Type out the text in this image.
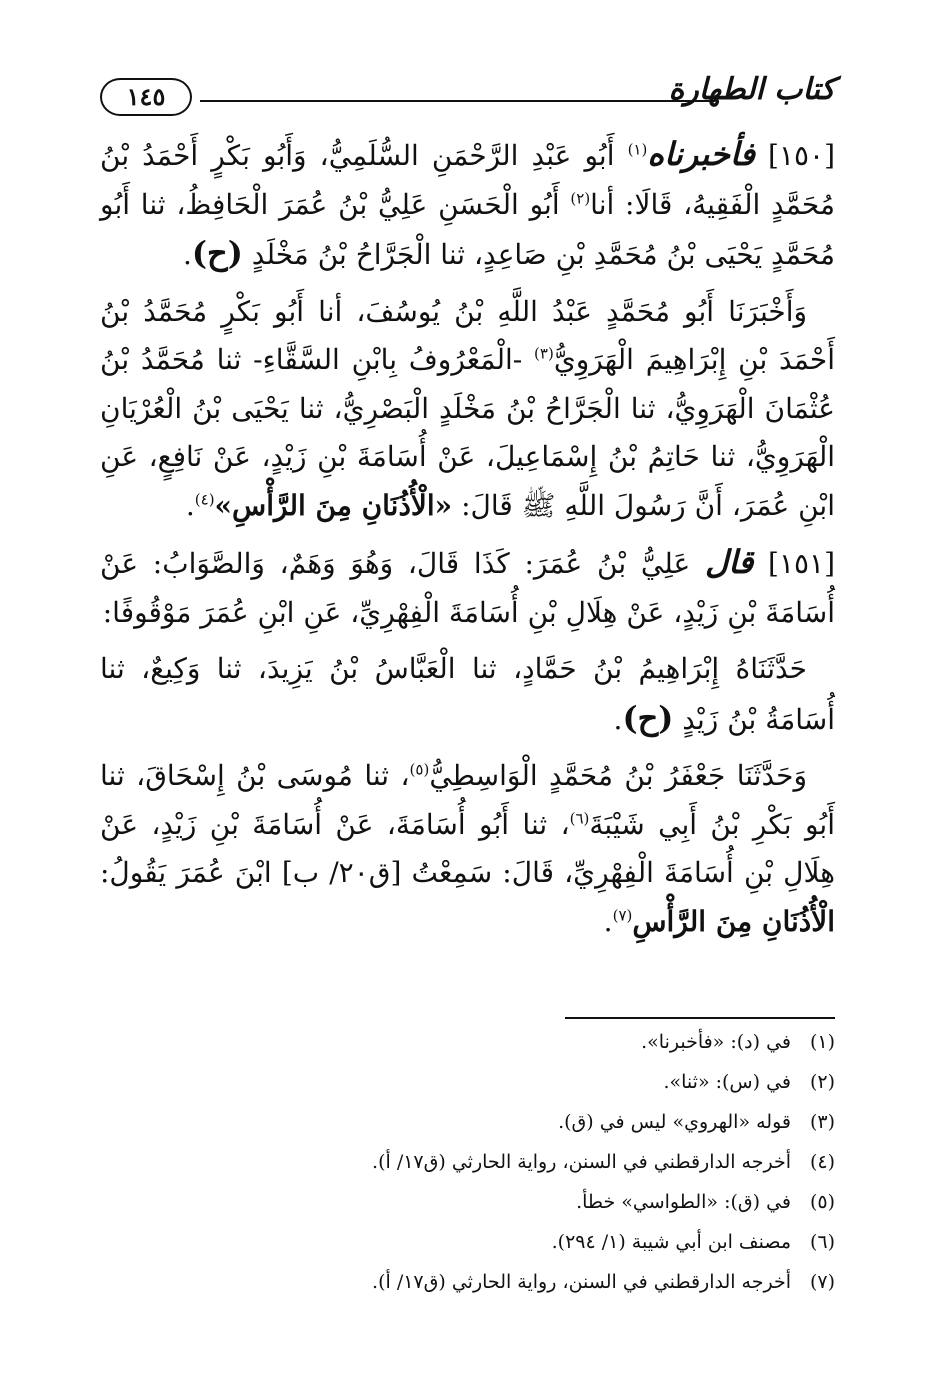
كتاب الطهارة
١٤٥

[١٥٠] فأخبرناه$^{(١)}$ أَبُو عَبْدِ الرَّحْمَنِ السُّلَمِيُّ، وَأَبُو بَكْرٍ أَحْمَدُ بْنُ مُحَمَّدٍ الْفَقِيهُ، قَالَا: أنا$^{(٢)}$ أَبُو الْحَسَنِ عَلِيُّ بْنُ عُمَرَ الْحَافِظُ، ثنا أَبُو مُحَمَّدٍ يَحْيَى بْنُ مُحَمَّدِ بْنِ صَاعِدٍ، ثنا الْجَرَّاحُ بْنُ مَخْلَدٍ (ح).

وَأَخْبَرَنَا أَبُو مُحَمَّدٍ عَبْدُ اللَّهِ بْنُ يُوسُفَ، أنا أَبُو بَكْرٍ مُحَمَّدُ بْنُ أَحْمَدَ بْنِ إِبْرَاهِيمَ الْهَرَوِيُّ$^{(٣)}$ -الْمَعْرُوفُ بِابْنِ السَّقَّاءِ- ثنا مُحَمَّدُ بْنُ عُثْمَانَ الْهَرَوِيُّ، ثنا الْجَرَّاحُ بْنُ مَخْلَدٍ الْبَصْرِيُّ، ثنا يَحْيَى بْنُ الْعُرْيَانِ الْهَرَوِيُّ، ثنا حَاتِمُ بْنُ إِسْمَاعِيلَ، عَنْ أُسَامَةَ بْنِ زَيْدٍ، عَنْ نَافِعٍ، عَنِ ابْنِ عُمَرَ، أَنَّ رَسُولَ اللَّهِ ﷺ قَالَ: «الْأُذُنَانِ مِنَ الرَّأْسِ»$^{(٤)}$.

[١٥١] قال عَلِيُّ بْنُ عُمَرَ: كَذَا قَالَ، وَهُوَ وَهَمٌ، وَالصَّوَابُ: عَنْ أُسَامَةَ بْنِ زَيْدٍ، عَنْ هِلَالِ بْنِ أُسَامَةَ الْفِهْرِيِّ، عَنِ ابْنِ عُمَرَ مَوْقُوفًا:

حَدَّثَنَاهُ إِبْرَاهِيمُ بْنُ حَمَّادٍ، ثنا الْعَبَّاسُ بْنُ يَزِيدَ، ثنا وَكِيعٌ، ثنا أُسَامَةُ بْنُ زَيْدٍ (ح).

وَحَدَّثَنَا جَعْفَرُ بْنُ مُحَمَّدٍ الْوَاسِطِيُّ$^{(٥)}$، ثنا مُوسَى بْنُ إِسْحَاقَ، ثنا أَبُو بَكْرِ بْنُ أَبِي شَيْبَةَ$^{(٦)}$، ثنا أَبُو أُسَامَةَ، عَنْ أُسَامَةَ بْنِ زَيْدٍ، عَنْ هِلَالِ بْنِ أُسَامَةَ الْفِهْرِيِّ، قَالَ: سَمِعْتُ [ق٢٠/ ب] ابْنَ عُمَرَ يَقُولُ: الْأُذُنَانِ مِنَ الرَّأْسِ$^{(٧)}$.

(١)في (د): «فأخبرنا».
(٢)في (س): «ثنا».
(٣)قوله «الهروي» ليس في (ق).
(٤)أخرجه الدارقطني في السنن، رواية الحارثي (ق١٧/ أ).
(٥)في (ق): «الطواسي» خطأ.
(٦)مصنف ابن أبي شيبة (١/ ٢٩٤).
(٧)أخرجه الدارقطني في السنن، رواية الحارثي (ق١٧/ أ).
